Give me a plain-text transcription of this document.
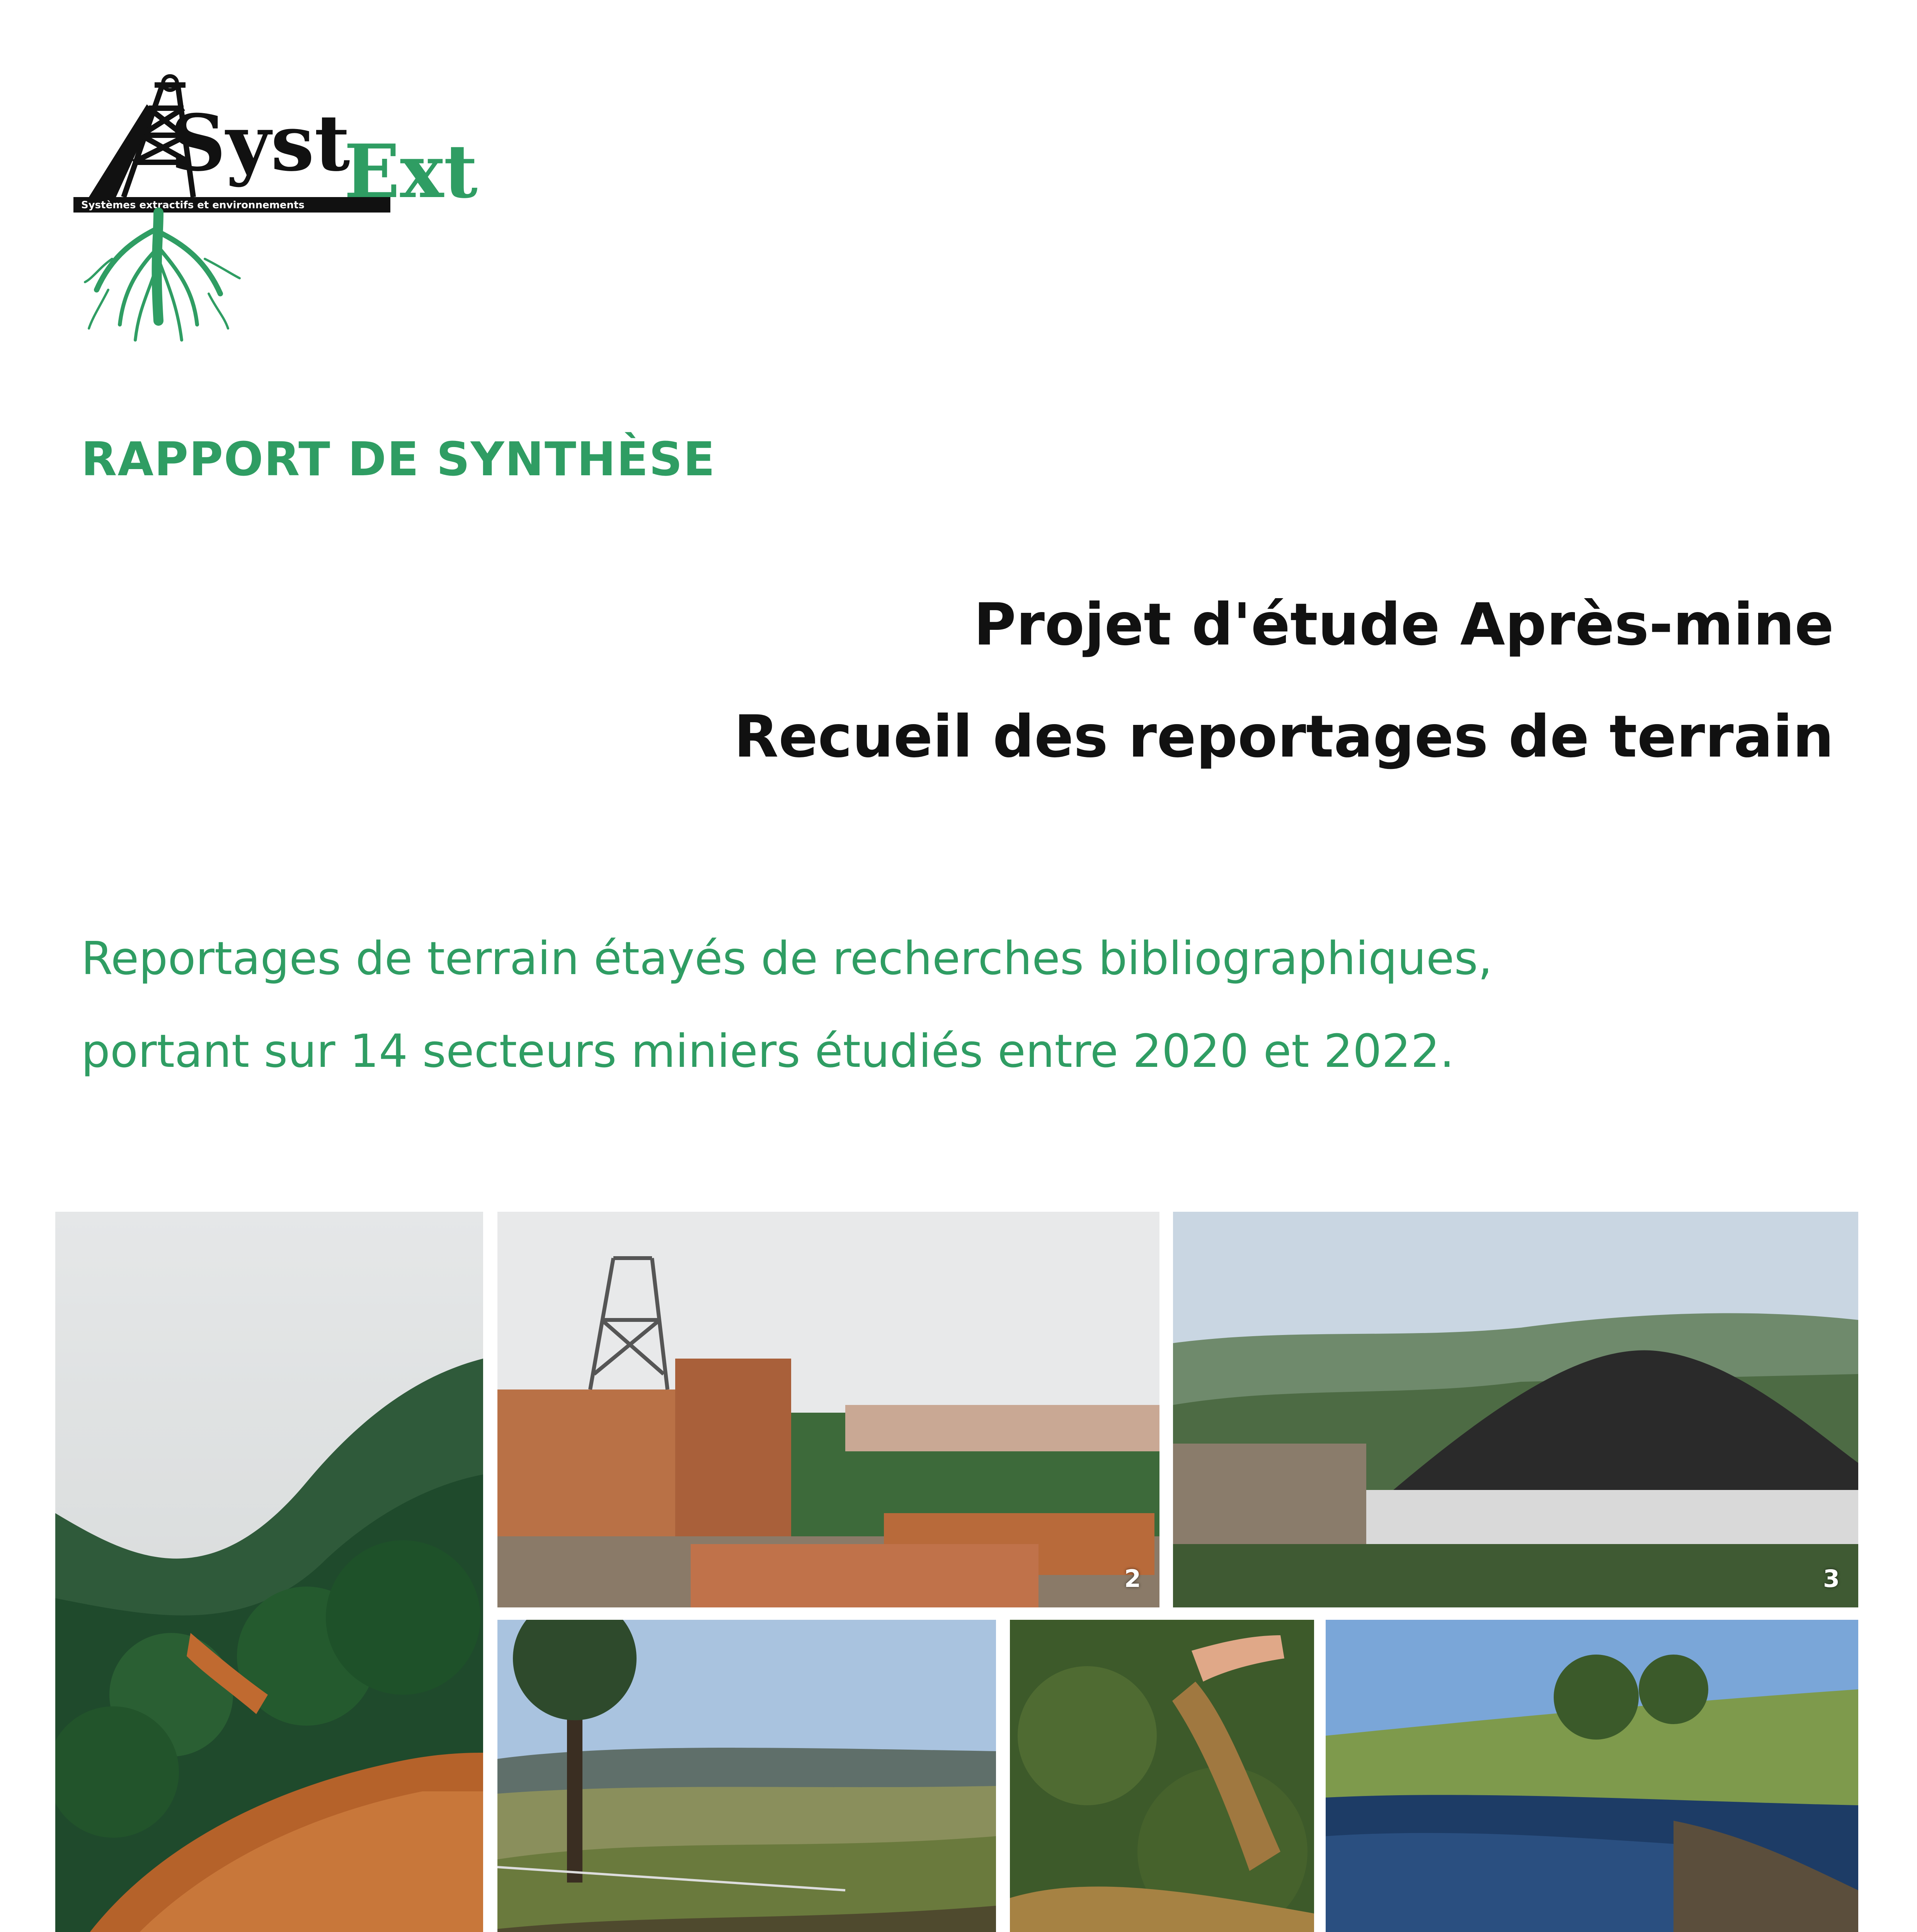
Systèmes extractifs et environnements
Syst
Ext
RAPPORT DE SYNTHÈSE
Projet d'étude Après-mine
Recueil des reportages de terrain
Reportages de terrain étayés de recherches bibliographiques,
portant sur 14 secteurs miniers étudiés entre 2020 et 2022.
2	3
